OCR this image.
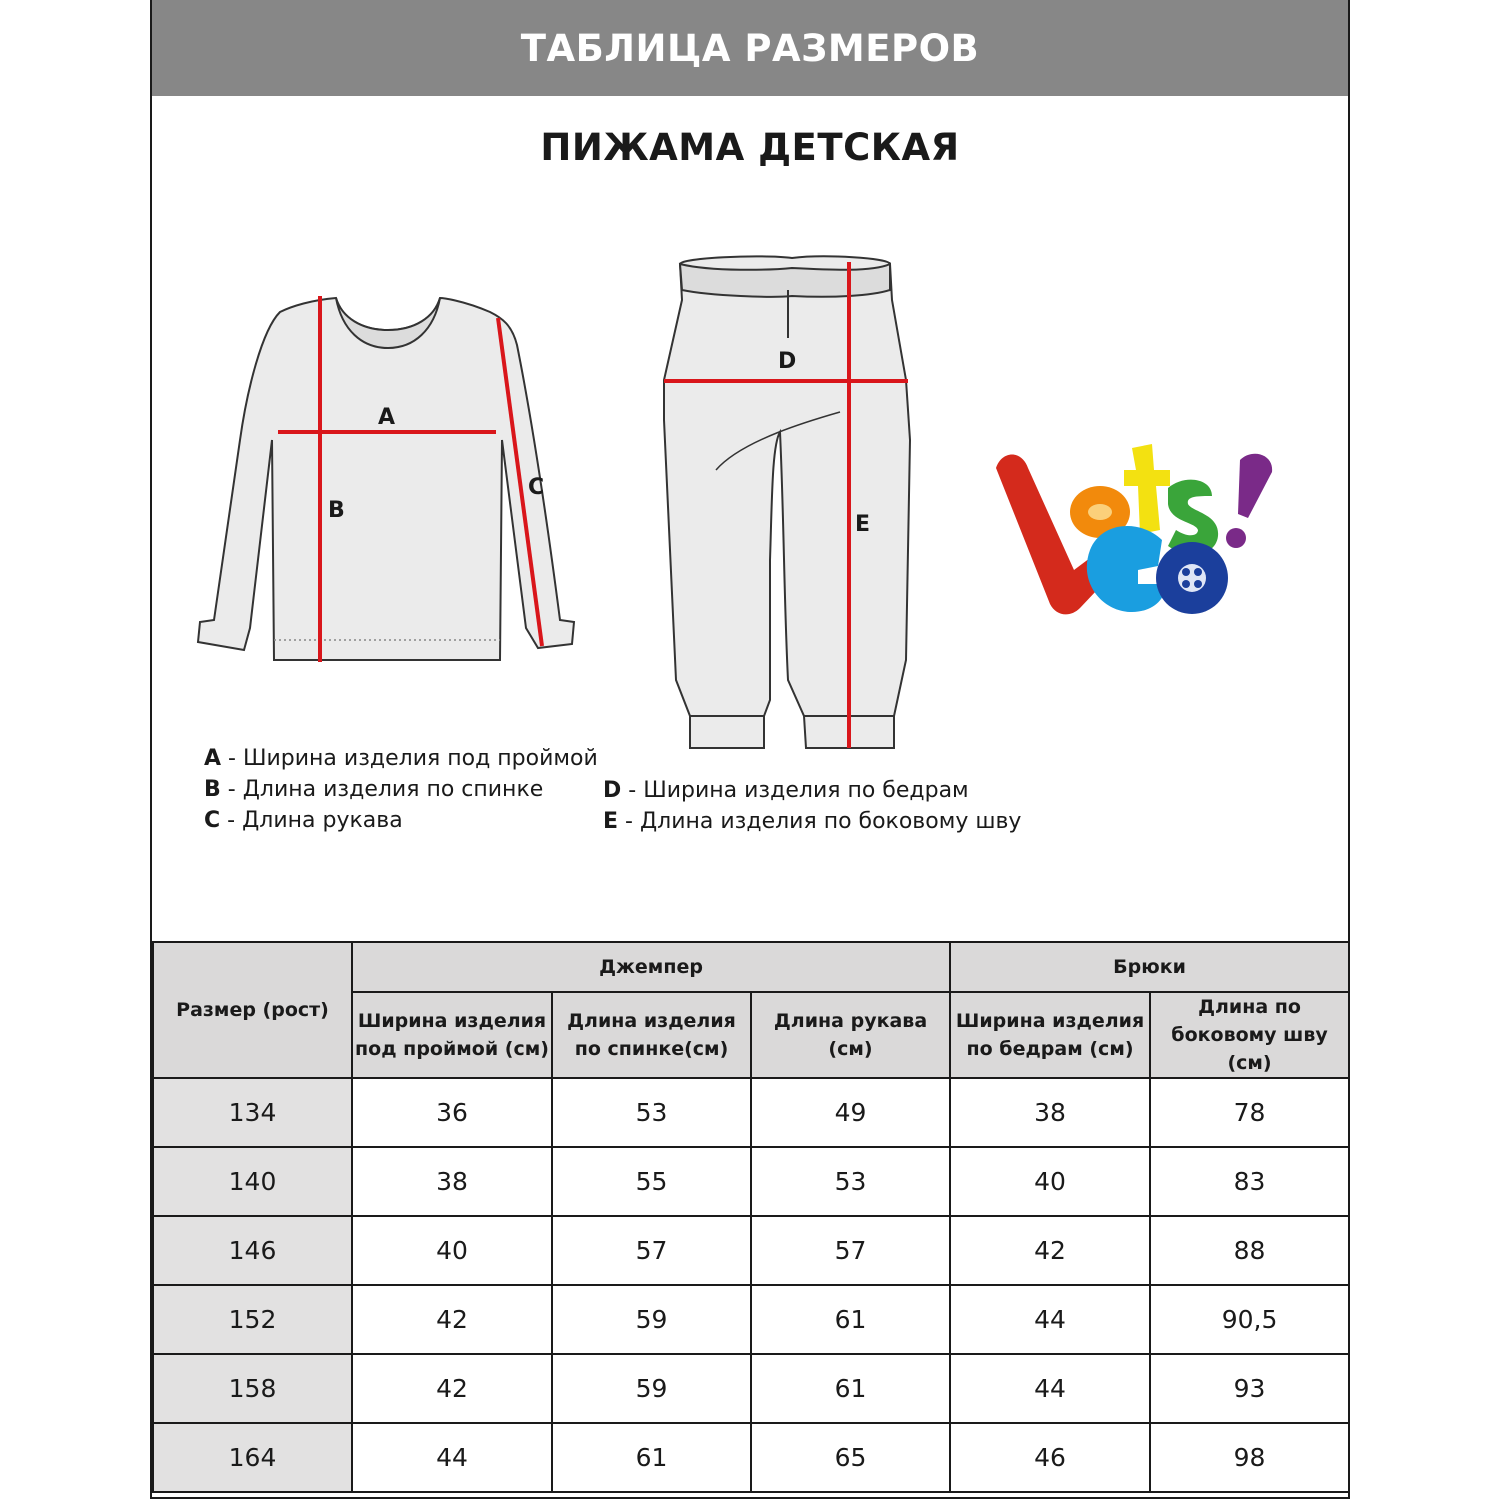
ТАБЛИЦА РАЗМЕРОВ
ПИЖАМА ДЕТСКАЯ
A
B
C
D
E
A - Ширина изделия под проймой
B - Длина изделия по спинке
C - Длина рукава
D - Ширина изделия по бедрам
E - Длина изделия по боковому шву
Размер (рост)	Джемпер			Брюки	
	Ширина изделия под проймой (см)	Длина изделия по спинке(см)	Длина рукава (см)	Ширина изделия по бедрам (см)	Длина по боковому шву (см)
134	36	53	49	38	78
140	38	55	53	40	83
146	40	57	57	42	88
152	42	59	61	44	90,5
158	42	59	61	44	93
164	44	61	65	46	98
